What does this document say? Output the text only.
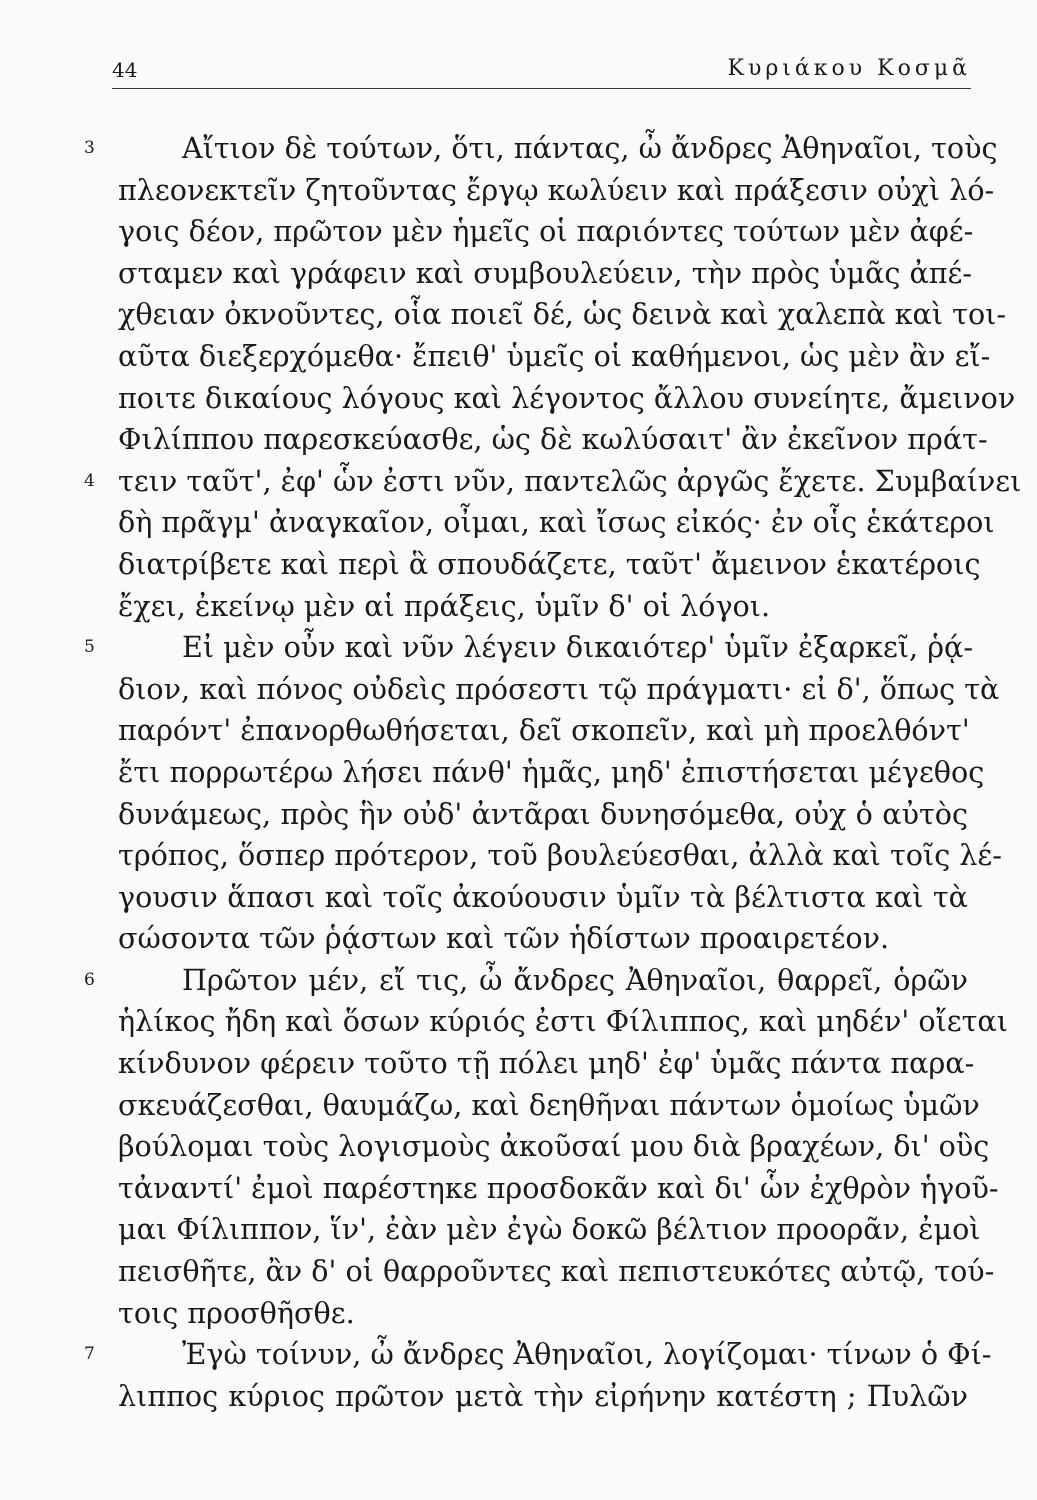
44	Κυριάκου Κοσμᾶ
3	Αἴτιον δὲ τούτων, ὅτι, πάντας, ὦ ἄνδρες Ἀθηναῖοι, τοὺς
πλεονεκτεῖν ζητοῦντας ἔργῳ κωλύειν καὶ πράξεσιν οὐχὶ λό-
γοις δέον, πρῶτον μὲν ἡμεῖς οἱ παριόντες τούτων μὲν ἀφέ-
σταμεν καὶ γράφειν καὶ συμβουλεύειν, τὴν πρὸς ὑμᾶς ἀπέ-
χθειαν ὀκνοῦντες, οἷα ποιεῖ δέ, ὡς δεινὰ καὶ χαλεπὰ καὶ τοι-
αῦτα διεξερχόμεθα· ἔπειθ' ὑμεῖς οἱ καθήμενοι, ὡς μὲν ἂν εἴ-
ποιτε δικαίους λόγους καὶ λέγοντος ἄλλου συνείητε, ἄμεινον
Φιλίππου παρεσκεύασθε, ὡς δὲ κωλύσαιτ' ἂν ἐκεῖνον πράτ-
4 τειν ταῦτ', ἐφ' ὧν ἐστι νῦν, παντελῶς ἀργῶς ἔχετε. Συμβαίνει
δὴ πρᾶγμ' ἀναγκαῖον, οἶμαι, καὶ ἴσως εἰκός· ἐν οἷς ἑκάτεροι
διατρίβετε καὶ περὶ ἃ σπουδάζετε, ταῦτ' ἄμεινον ἑκατέροις
ἔχει, ἐκείνῳ μὲν αἱ πράξεις, ὑμῖν δ' οἱ λόγοι.
5	Εἰ μὲν οὖν καὶ νῦν λέγειν δικαιότερ' ὑμῖν ἐξαρκεῖ, ῥᾴ-
διον, καὶ πόνος οὐδεὶς πρόσεστι τῷ πράγματι· εἰ δ', ὅπως τὰ
παρόντ' ἐπανορθωθήσεται, δεῖ σκοπεῖν, καὶ μὴ προελθόντ'
ἔτι πορρωτέρω λήσει πάνθ' ἡμᾶς, μηδ' ἐπιστήσεται μέγεθος
δυνάμεως, πρὸς ἣν οὐδ' ἀντᾶραι δυνησόμεθα, οὐχ ὁ αὐτὸς
τρόπος, ὅσπερ πρότερον, τοῦ βουλεύεσθαι, ἀλλὰ καὶ τοῖς λέ-
γουσιν ἅπασι καὶ τοῖς ἀκούουσιν ὑμῖν τὰ βέλτιστα καὶ τὰ
σώσοντα τῶν ῥᾴστων καὶ τῶν ἡδίστων προαιρετέον.
6	Πρῶτον μέν, εἴ τις, ὦ ἄνδρες Ἀθηναῖοι, θαρρεῖ, ὁρῶν
ἡλίκος ἤδη καὶ ὅσων κύριός ἐστι Φίλιππος, καὶ μηδέν' οἴεται
κίνδυνον φέρειν τοῦτο τῇ πόλει μηδ' ἐφ' ὑμᾶς πάντα παρα-
σκευάζεσθαι, θαυμάζω, καὶ δεηθῆναι πάντων ὁμοίως ὑμῶν
βούλομαι τοὺς λογισμοὺς ἀκοῦσαί μου διὰ βραχέων, δι' οὓς
τἀναντί' ἐμοὶ παρέστηκε προσδοκᾶν καὶ δι' ὧν ἐχθρὸν ἡγοῦ-
μαι Φίλιππον, ἵν', ἐὰν μὲν ἐγὼ δοκῶ βέλτιον προορᾶν, ἐμοὶ
πεισθῆτε, ἂν δ' οἱ θαρροῦντες καὶ πεπιστευκότες αὐτῷ, τού-
τοις προσθῆσθε.
7	Ἐγὼ τοίνυν, ὦ ἄνδρες Ἀθηναῖοι, λογίζομαι· τίνων ὁ Φί-
λιππος κύριος πρῶτον μετὰ τὴν εἰρήνην κατέστη ; Πυλῶν
